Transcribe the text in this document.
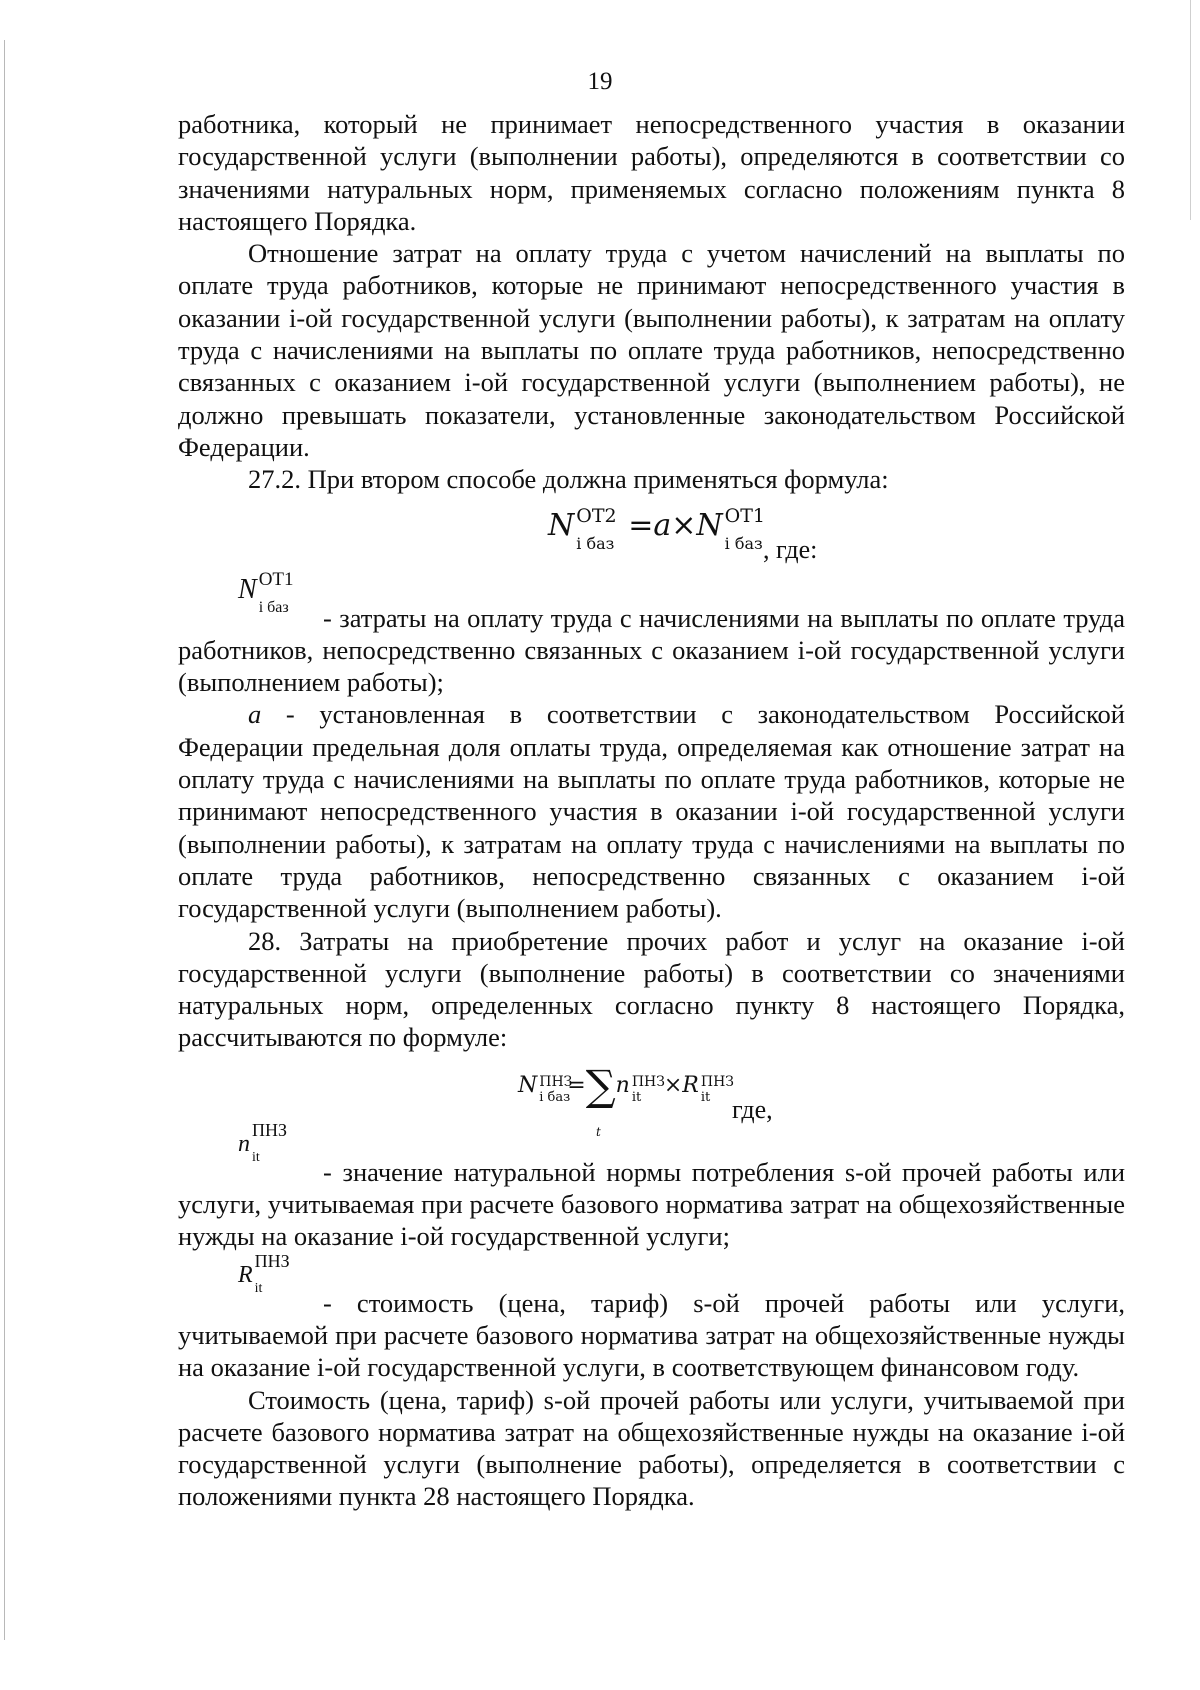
19

работника, который не принимает непосредственного участия в оказании государственной услуги (выполнении работы), определяются в соответствии со значениями натуральных норм, применяемых согласно положениям пункта 8 настоящего Порядка.

Отношение затрат на оплату труда с учетом начислений на выплаты по оплате труда работников, которые не принимают непосредственного участия в оказании i-ой государственной услуги (выполнении работы), к затратам на оплату труда с начислениями на выплаты по оплате труда работников, непосредственно связанных с оказанием i-ой государственной услуги (выполнением работы), не должно превышать показатели, установленные законодательством Российской Федерации.

27.2. При втором способе должна применяться формула:

N ОТ2
i баз
=a×N ОТ1
i баз , где:
N ОТ1
i баз	- затраты на оплату труда с начислениями на выплаты по оплате труда работников, непосредственно связанных с оказанием i-ой государственной услуги (выполнением работы);

a - установленная в соответствии с законодательством Российской Федерации предельная доля оплаты труда, определяемая как отношение затрат на оплату труда с начислениями на выплаты по оплате труда работников, которые не принимают непосредственного участия в оказании i-ой государственной услуги (выполнении работы), к затратам на оплату труда с начислениями на выплаты по оплате труда работников, непосредственно связанных с оказанием i-ой государственной услуги (выполнением работы).

28. Затраты на приобретение прочих работ и услуг на оказание i-ой государственной услуги (выполнение работы) в соответствии со значениями натуральных норм, определенных согласно пункту 8 настоящего Порядка, рассчитываются по формуле:

N ПНЗ
i баз
=∑n ПНЗ
it ×R ПНЗ
it
t
где,
n
ПНЗ
it	- значение натуральной нормы потребления s-ой прочей работы или услуги, учитываемая при расчете базового норматива затрат на общехозяйственные нужды на оказание i-ой государственной услуги;

R
ПНЗ
it	- стоимость (цена, тариф) s-ой прочей работы или услуги, учитываемой при расчете базового норматива затрат на общехозяйственные нужды на оказание i-ой государственной услуги, в соответствующем финансовом году.

Стоимость (цена, тариф) s-ой прочей работы или услуги, учитываемой при расчете базового норматива затрат на общехозяйственные нужды на оказание i-ой государственной услуги (выполнение работы), определяется в соответствии с положениями пункта 28 настоящего Порядка.
